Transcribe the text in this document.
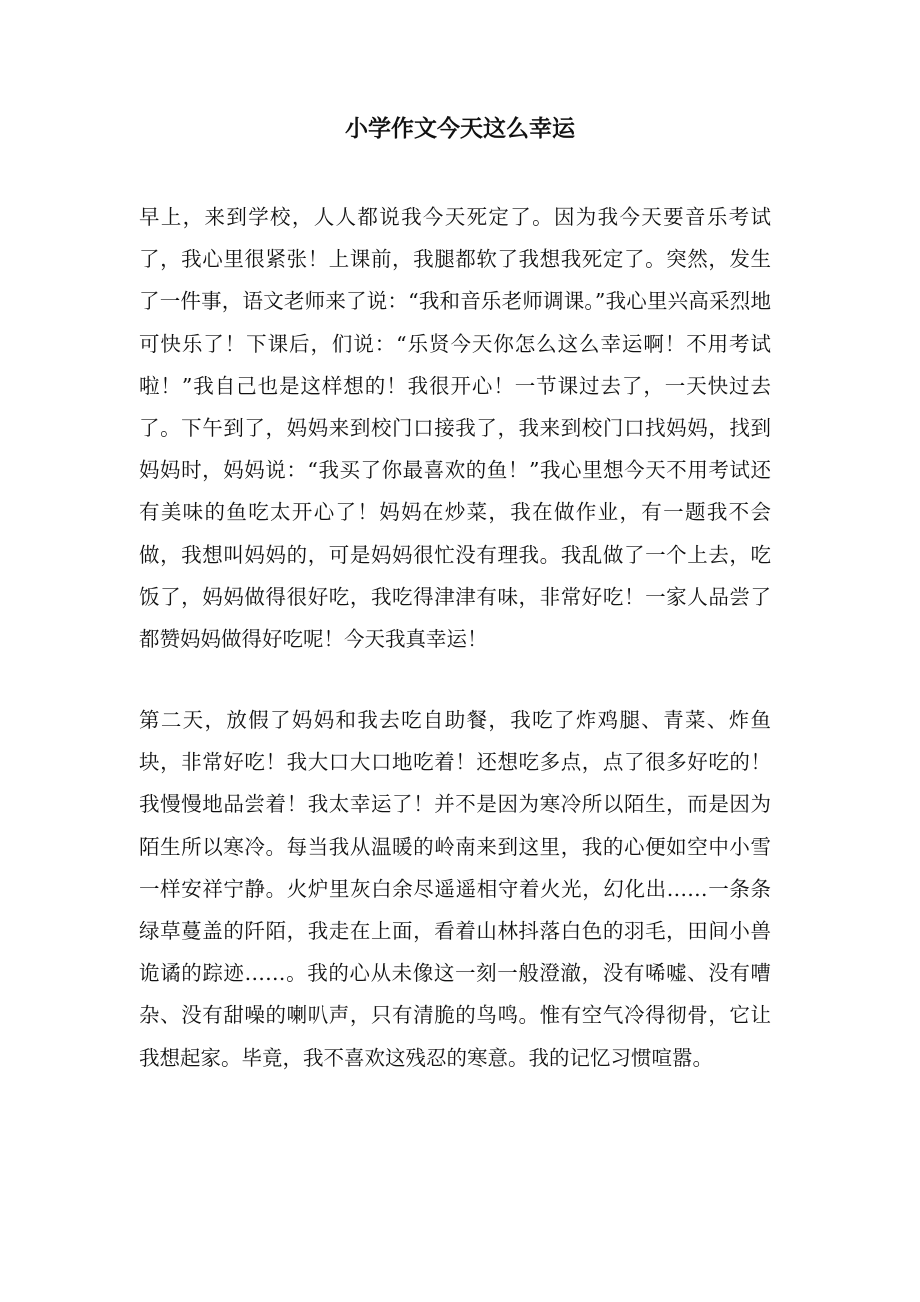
小学作文今天这么幸运
早上，来到学校，人人都说我今天死定了。因为我今天要音乐考试了，我心里很紧张！上课前，我腿都软了我想我死定了。突然，发生了一件事，语文老师来了说：“我和音乐老师调课。”我心里兴高采烈地可快乐了！下课后，们说：“乐贤今天你怎么这么幸运啊！不用考试啦！”我自己也是这样想的！我很开心！一节课过去了，一天快过去了。下午到了，妈妈来到校门口接我了，我来到校门口找妈妈，找到妈妈时，妈妈说：“我买了你最喜欢的鱼！”我心里想今天不用考试还有美味的鱼吃太开心了！妈妈在炒菜，我在做作业，有一题我不会做，我想叫妈妈的，可是妈妈很忙没有理我。我乱做了一个上去，吃饭了，妈妈做得很好吃，我吃得津津有味，非常好吃！一家人品尝了都赞妈妈做得好吃呢！今天我真幸运！
第二天，放假了妈妈和我去吃自助餐，我吃了炸鸡腿、青菜、炸鱼块，非常好吃！我大口大口地吃着！还想吃多点，点了很多好吃的！我慢慢地品尝着！我太幸运了！并不是因为寒冷所以陌生，而是因为陌生所以寒冷。每当我从温暖的岭南来到这里，我的心便如空中小雪一样安祥宁静。火炉里灰白余尽遥遥相守着火光，幻化出……一条条绿草蔓盖的阡陌，我走在上面，看着山林抖落白色的羽毛，田间小兽诡谲的踪迹……。我的心从未像这一刻一般澄澈，没有唏嘘、没有嘈杂、没有甜噪的喇叭声，只有清脆的鸟鸣。惟有空气冷得彻骨，它让我想起家。毕竟，我不喜欢这残忍的寒意。我的记忆习惯喧嚣。
